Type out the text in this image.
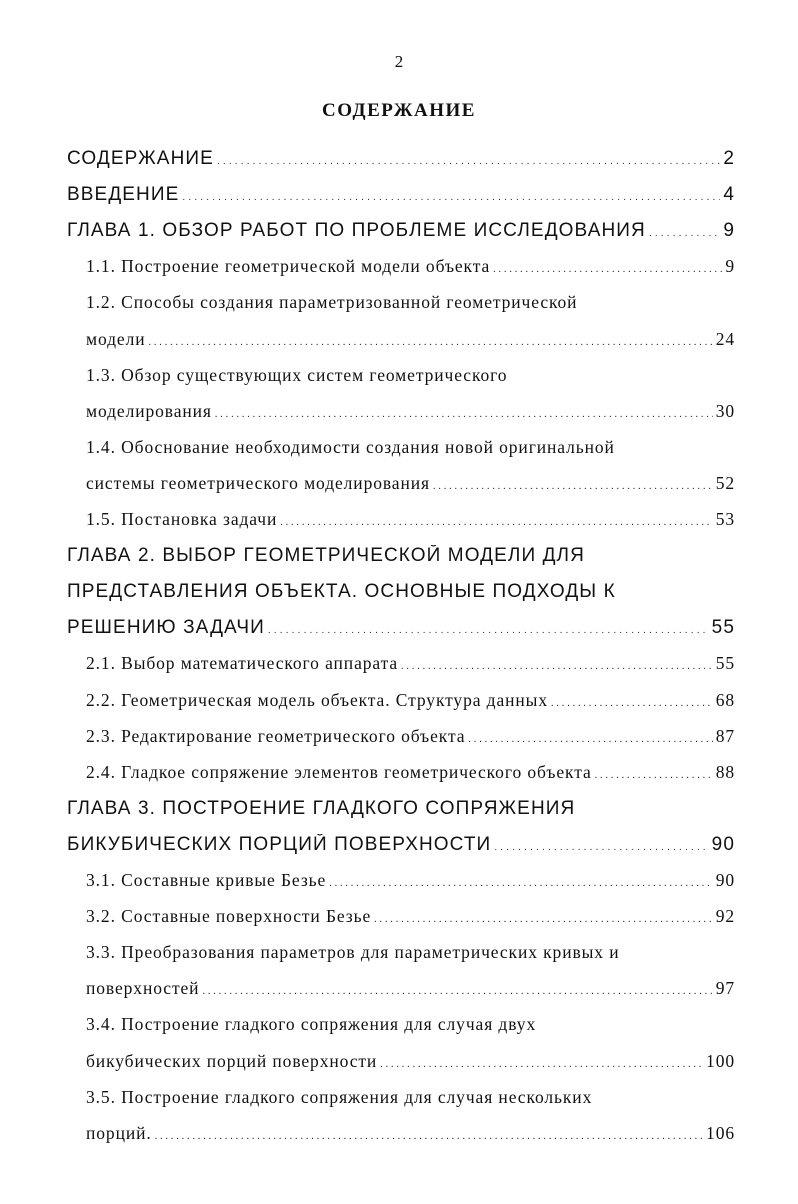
2
СОДЕРЖАНИЕ
СОДЕРЖАНИЕ . . .	2
ВВЕДЕНИЕ . . .	4
ГЛАВА 1. ОБЗОР РАБОТ ПО ПРОБЛЕМЕ ИССЛЕДОВАНИЯ . . .	9
1.1. Построение геометрической модели объекта . . .	9
1.2. Способы создания параметризованной геометрической
модели . . .	24
1.3. Обзор существующих систем геометрического
моделирования . . .	30
1.4. Обоснование необходимости создания новой оригинальной
системы геометрического моделирования . . .	52
1.5. Постановка задачи . . .	53
ГЛАВА 2. ВЫБОР ГЕОМЕТРИЧЕСКОЙ МОДЕЛИ ДЛЯ
ПРЕДСТАВЛЕНИЯ ОБЪЕКТА. ОСНОВНЫЕ ПОДХОДЫ К
РЕШЕНИЮ ЗАДАЧИ . . .	55
2.1. Выбор математического аппарата . . .	55
2.2. Геометрическая модель объекта. Структура данных . . .	68
2.3. Редактирование геометрического объекта . . .	87
2.4. Гладкое сопряжение элементов геометрического объекта . . .	88
ГЛАВА 3. ПОСТРОЕНИЕ ГЛАДКОГО СОПРЯЖЕНИЯ
БИКУБИЧЕСКИХ ПОРЦИЙ ПОВЕРХНОСТИ . . .	90
3.1. Составные кривые Безье . . .	90
3.2. Составные поверхности Безье . . .	92
3.3. Преобразования параметров для параметрических кривых и
поверхностей . . .	97
3.4. Построение гладкого сопряжения для случая двух
бикубических порций поверхности . . .	100
3.5. Построение гладкого сопряжения для случая нескольких
порций. . . .	106
